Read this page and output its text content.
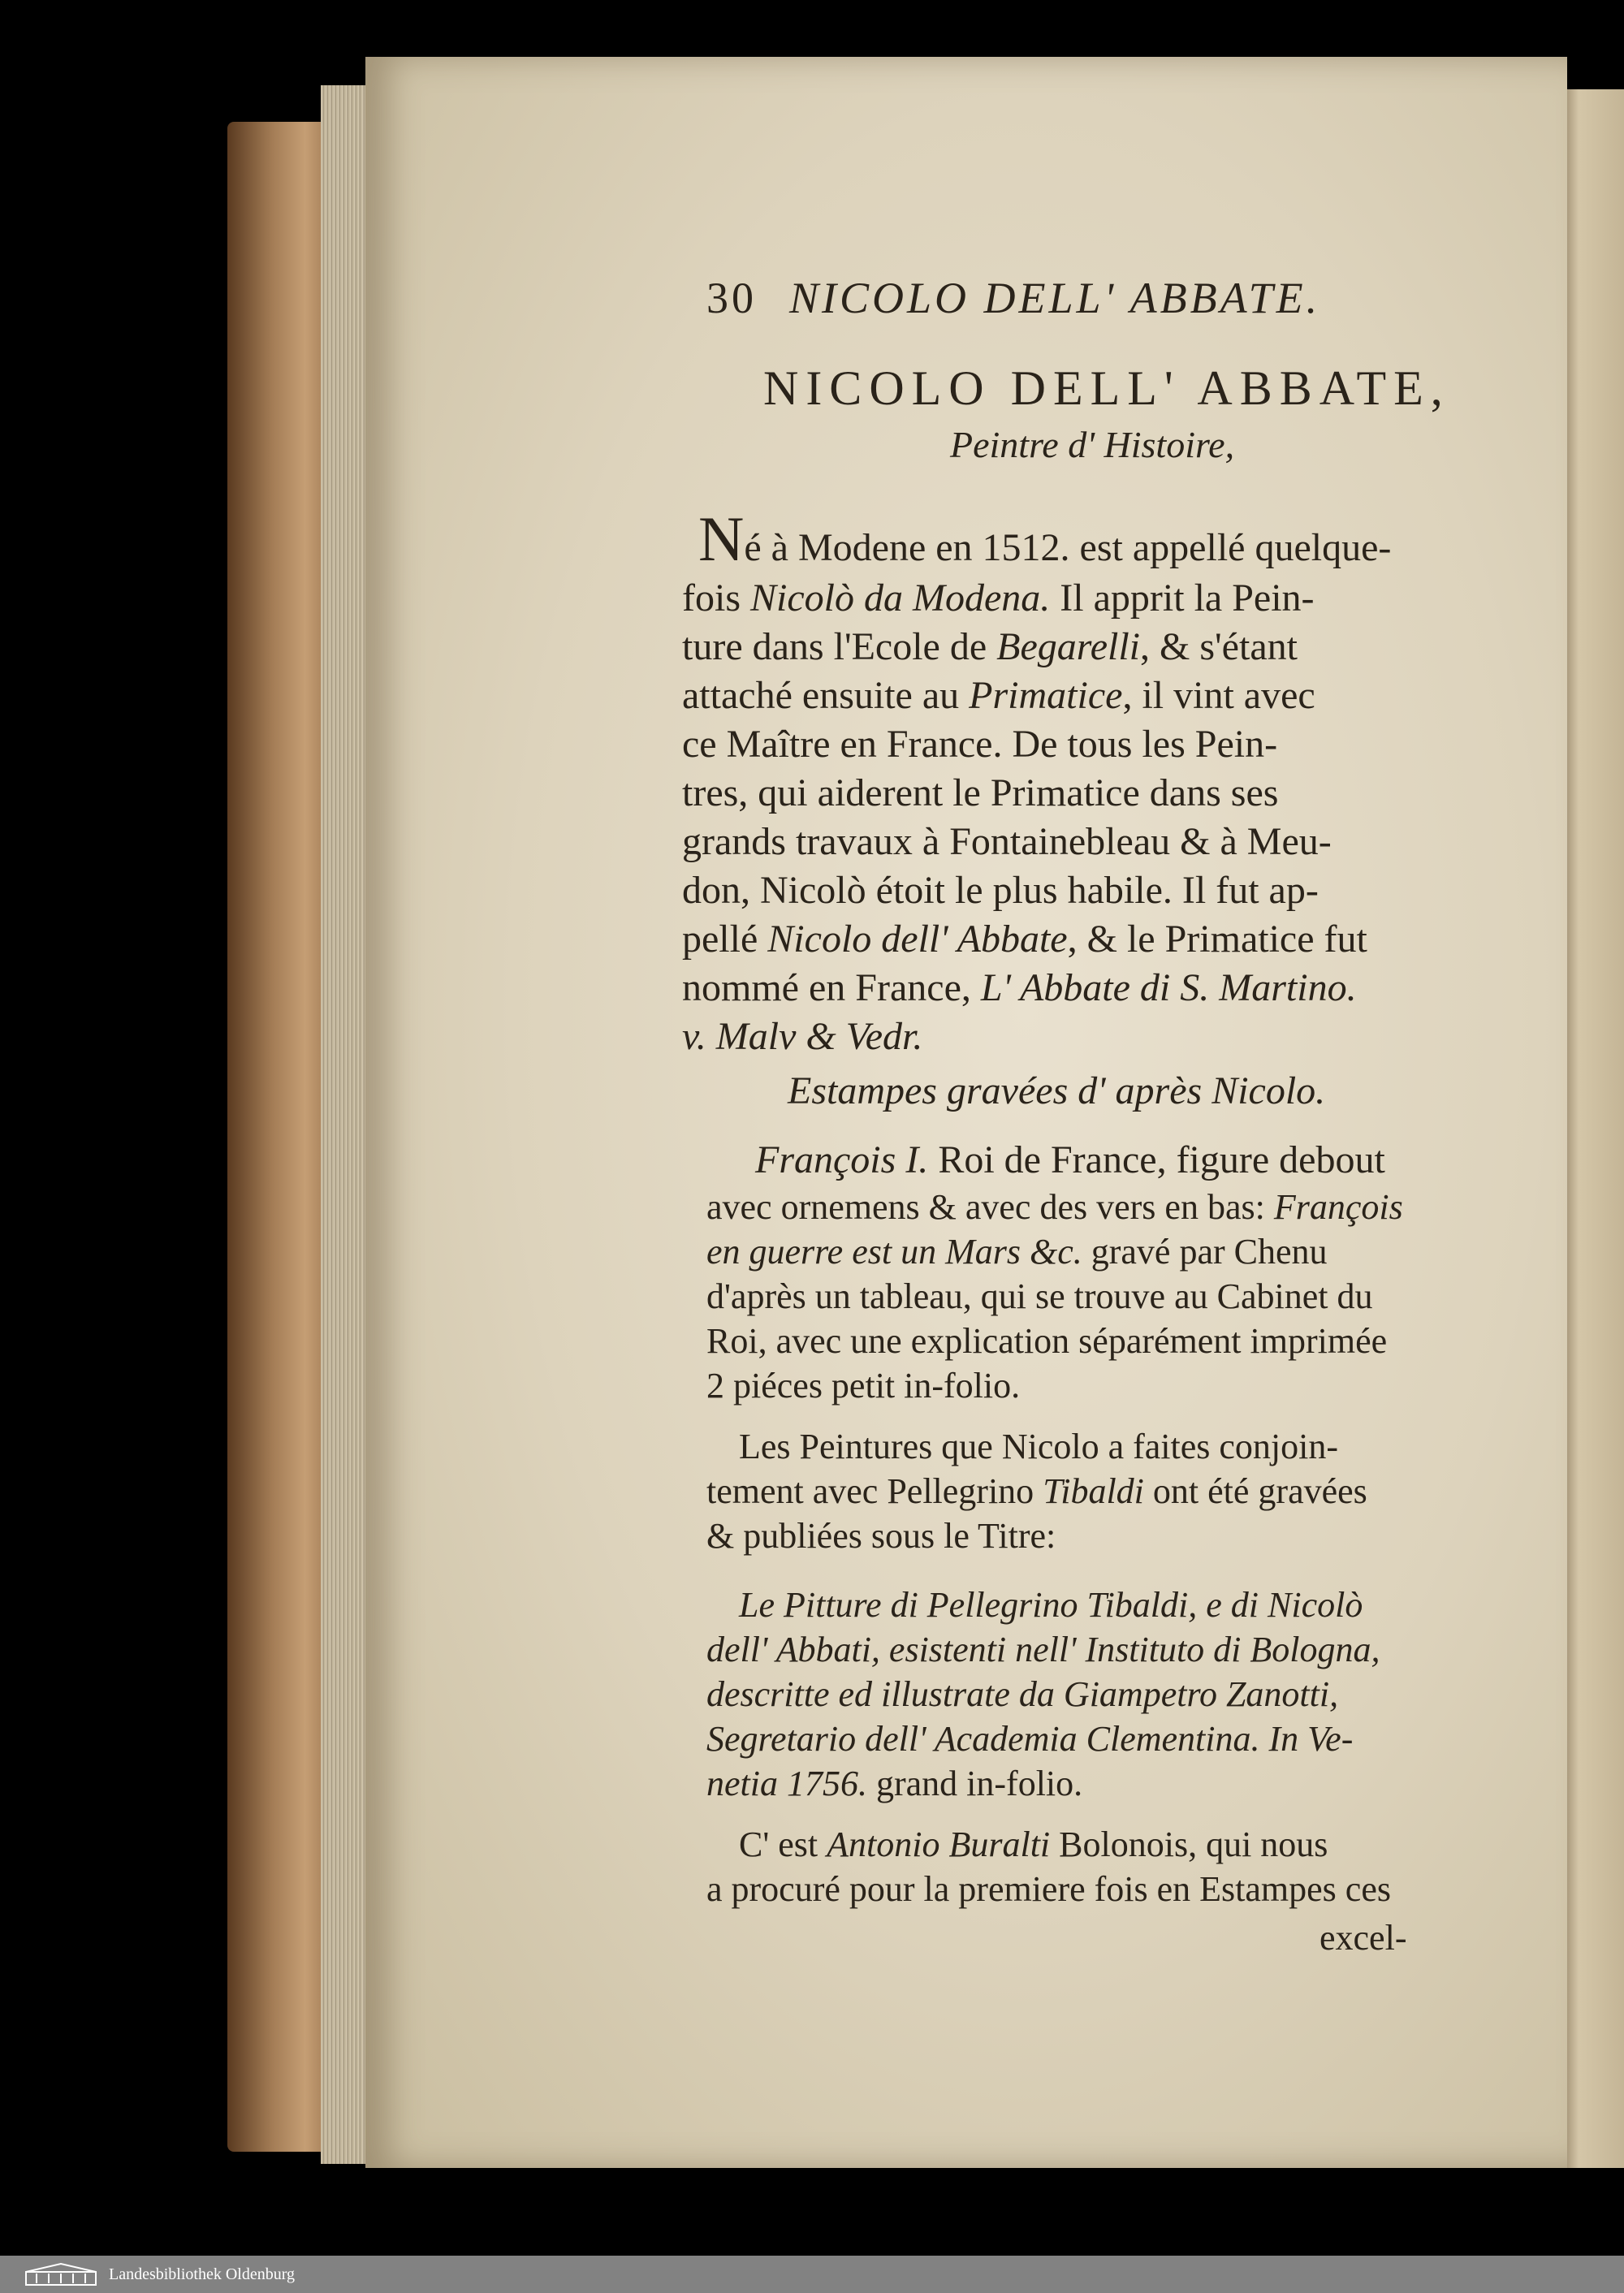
30 NICOLO DELL' ABBATE.
NICOLO DELL' ABBATE,
Peintre d' Histoire,
Né à Modene en 1512. est appellé quelque-
fois Nicolò da Modena. Il apprit la Pein-
ture dans l'Ecole de Begarelli, & s'étant
attaché ensuite au Primatice, il vint avec
ce Maître en France. De tous les Pein-
tres, qui aiderent le Primatice dans ses
grands travaux à Fontainebleau & à Meu-
don, Nicolò étoit le plus habile. Il fut ap-
pellé Nicolo dell' Abbate, & le Primatice fut
nommé en France, L' Abbate di S. Martino.
v. Malv & Vedr.
Estampes gravées d' après Nicolo.
François I. Roi de France, figure debout
avec ornemens & avec des vers en bas: François
en guerre est un Mars &c. gravé par Chenu
d'après un tableau, qui se trouve au Cabinet du
Roi, avec une explication séparément imprimée
2 piéces petit in-folio.
Les Peintures que Nicolo a faites conjoin-
tement avec Pellegrino Tibaldi ont été gravées
& publiées sous le Titre:
Le Pitture di Pellegrino Tibaldi, e di Nicolò
dell' Abbati, esistenti nell' Instituto di Bologna,
descritte ed illustrate da Giampetro Zanotti,
Segretario dell' Academia Clementina. In Ve-
netia 1756. grand in-folio.
C' est Antonio Buralti Bolonois, qui nous
a procuré pour la premiere fois en Estampes ces
excel-
Landesbibliothek Oldenburg
